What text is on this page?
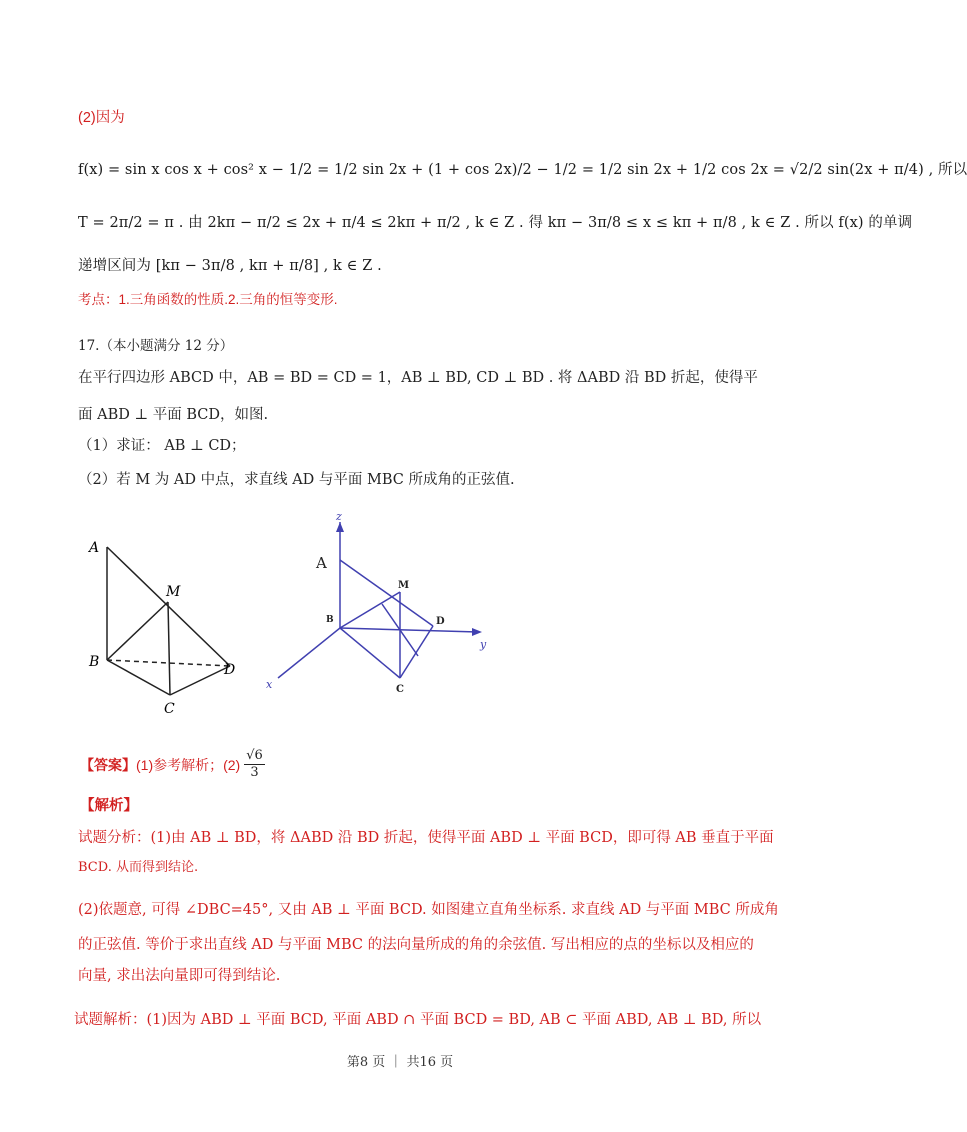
(2)因为
f(x) = sin x cos x + cos² x − 1/2 = 1/2 sin 2x + (1 + cos 2x)/2 − 1/2 = 1/2 sin 2x + 1/2 cos 2x = √2/2 sin(2x + π/4) , 所以
T = 2π/2 = π . 由 2kπ − π/2 ≤ 2x + π/4 ≤ 2kπ + π/2 , k ∈ Z . 得 kπ − 3π/8 ≤ x ≤ kπ + π/8 , k ∈ Z . 所以 f(x) 的单调
递增区间为 [kπ − 3π/8 , kπ + π/8] , k ∈ Z .
考点：1.三角函数的性质.2.三角的恒等变形.
17.（本小题满分 12 分）
在平行四边形 ABCD 中，AB = BD = CD = 1，AB ⊥ BD, CD ⊥ BD . 将 ΔABD 沿 BD 折起，使得平
面 ABD ⊥ 平面 BCD，如图.
（1）求证： AB ⊥ CD；
（2）若 M 为 AD 中点，求直线 AD 与平面 MBC 所成角的正弦值.
A
M
B
C
D
z
y
x
A
M
B	D
C
【答案】 (1)参考解析；$(2) \frac{√6}{3}$
【解析】
试题分析：(1)由 AB ⊥ BD，将 ΔABD 沿 BD 折起，使得平面 ABD ⊥ 平面 BCD，即可得 AB 垂直于平面
BCD. 从而得到结论.
(2)依题意, 可得 ∠DBC=45°, 又由 AB ⊥ 平面 BCD. 如图建立直角坐标系. 求直线 AD 与平面 MBC 所成角
的正弦值. 等价于求出直线 AD 与平面 MBC 的法向量所成的角的余弦值. 写出相应的点的坐标以及相应的
向量, 求出法向量即可得到结论.
试题解析：(1)因为 ABD ⊥ 平面 BCD, 平面 ABD ∩ 平面 BCD = BD, AB ⊂ 平面 ABD, AB ⊥ BD, 所以
第8 页 ｜ 共16 页
